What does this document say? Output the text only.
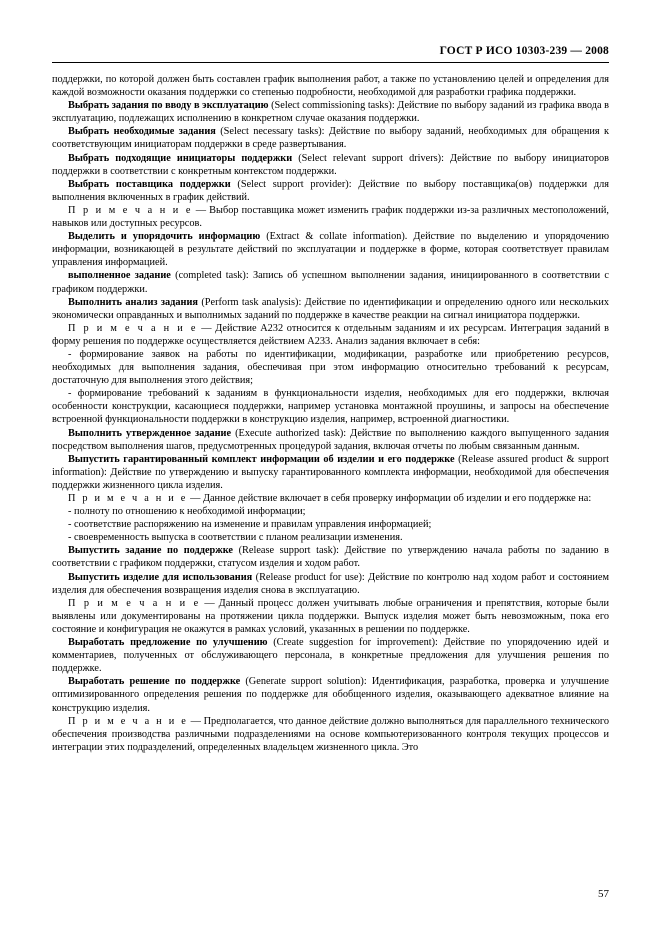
ГОСТ Р ИСО 10303-239 — 2008

поддержки, по которой должен быть составлен график выполнения работ, а также по установлению целей и определения для каждой возможности оказания поддержки со степенью подробности, необходимой для разработки графика поддержки.

Выбрать задания по вводу в эксплуатацию (Select commissioning tasks): Действие по выбору заданий из графика ввода в эксплуатацию, подлежащих исполнению в конкретном случае оказания поддержки.

Выбрать необходимые задания (Select necessary tasks): Действие по выбору заданий, необходимых для обращения к соответствующим инициаторам поддержки в среде развертывания.

Выбрать подходящие инициаторы поддержки (Select relevant support drivers): Действие по выбору инициаторов поддержки в соответствии с конкретным контекстом поддержки.

Выбрать поставщика поддержки (Select support provider): Действие по выбору поставщика(ов) поддержки для выполнения включенных в график действий.

П р и м е ч а н и е — Выбор поставщика может изменить график поддержки из-за различных местоположений, навыков или доступных ресурсов.

Выделить и упорядочить информацию (Extract & collate information). Действие по выделению и упорядочению информации, возникающей в результате действий по эксплуатации и поддержке в форме, которая соответствует правилам управления информацией.

выполненное задание (completed task): Запись об успешном выполнении задания, инициированного в соответствии с графиком поддержки.

Выполнить анализ задания (Perform task analysis): Действие по идентификации и определению одного или нескольких экономически оправданных и выполнимых заданий по поддержке в качестве реакции на сигнал инициатора поддержки.

П р и м е ч а н и е — Действие А232 относится к отдельным заданиям и их ресурсам. Интеграция заданий в форму решения по поддержке осуществляется действием А233. Анализ задания включает в себя:

- формирование заявок на работы по идентификации, модификации, разработке или приобретению ресурсов, необходимых для выполнения задания, обеспечивая при этом информацию относительно требований к ресурсам, достаточную для выполнения этого действия;

- формирование требований к заданиям в функциональности изделия, необходимых для его поддержки, включая особенности конструкции, касающиеся поддержки, например установка монтажной проушины, и запросы на обеспечение встроенной функциональности поддержки в конструкцию изделия, например, встроенной диагностики.

Выполнить утвержденное задание (Execute authorized task): Действие по выполнению каждого выпущенного задания посредством выполнения шагов, предусмотренных процедурой задания, включая отчеты по любым связанным данным.

Выпустить гарантированный комплект информации об изделии и его поддержке (Release assured product & support information): Действие по утверждению и выпуску гарантированного комплекта информации, необходимой для обеспечения поддержки жизненного цикла изделия.

П р и м е ч а н и е — Данное действие включает в себя проверку информации об изделии и его поддержке на:

- полноту по отношению к необходимой информации;

- соответствие распоряжению на изменение и правилам управления информацией;

- своевременность выпуска в соответствии с планом реализации изменения.

Выпустить задание по поддержке (Release support task): Действие по утверждению начала работы по заданию в соответствии с графиком поддержки, статусом изделия и ходом работ.

Выпустить изделие для использования (Release product for use): Действие по контролю над ходом работ и состоянием изделия для обеспечения возвращения изделия снова в эксплуатацию.

П р и м е ч а н и е — Данный процесс должен учитывать любые ограничения и препятствия, которые были выявлены или документированы на протяжении цикла поддержки. Выпуск изделия может быть невозможным, пока его состояние и конфигурация не окажутся в рамках условий, указанных в решении по поддержке.

Выработать предложение по улучшению (Create suggestion for improvement): Действие по упорядочению идей и комментариев, полученных от обслуживающего персонала, в конкретные предложения для улучшения решения по поддержке.

Выработать решение по поддержке (Generate support solution): Идентификация, разработка, проверка и улучшение оптимизированного определения решения по поддержке для обобщенного изделия, оказывающего адекватное влияние на конструкцию изделия.

П р и м е ч а н и е — Предполагается, что данное действие должно выполняться для параллельного технического обеспечения производства различными подразделениями на основе компьютеризованного контроля текущих процессов и интеграции этих подразделений, определенных владельцем жизненного цикла. Это

57
